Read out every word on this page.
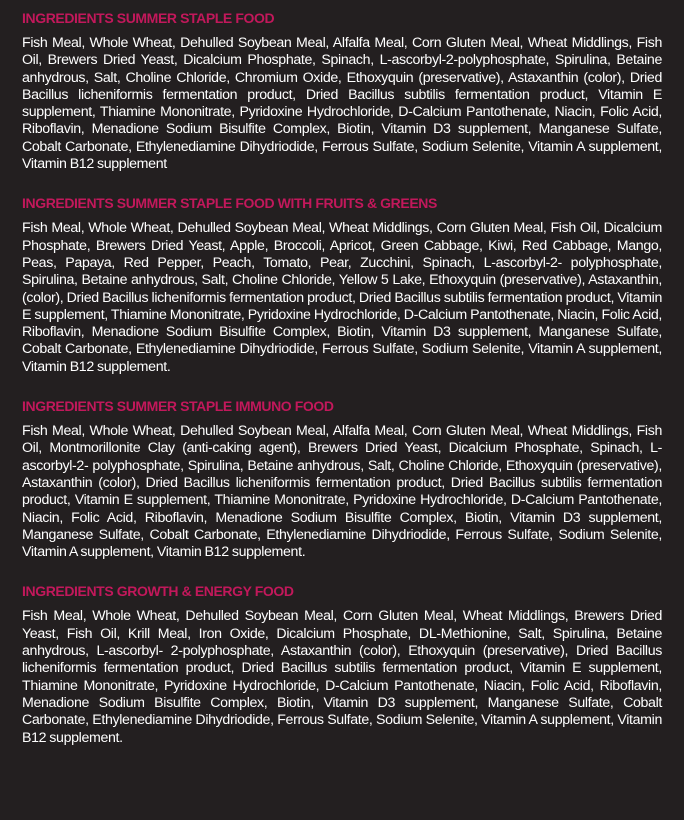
INGREDIENTS SUMMER STAPLE FOOD

Fish Meal, Whole Wheat, Dehulled Soybean Meal, Alfalfa Meal, Corn Gluten Meal, Wheat Middlings, Fish Oil, Brewers Dried Yeast, Dicalcium Phosphate, Spinach, L-ascorbyl-2-polyphosphate, Spirulina, Betaine anhydrous, Salt, Choline Chloride, Chromium Oxide, Ethoxyquin (preservative), Astaxanthin (color), Dried Bacillus licheniformis fermentation product, Dried Bacillus subtilis fermentation product, Vitamin E supplement, Thiamine Mononitrate, Pyridoxine Hydrochloride, D-Calcium Pantothenate, Niacin, Folic Acid, Riboflavin, Menadione Sodium Bisulfite Complex, Biotin, Vitamin D3 supplement, Manganese Sulfate, Cobalt Carbonate, Ethylenediamine Dihydriodide, Ferrous Sulfate, Sodium Selenite, Vitamin A supplement, Vitamin B12 supplement

INGREDIENTS SUMMER STAPLE FOOD WITH FRUITS & GREENS

Fish Meal, Whole Wheat, Dehulled Soybean Meal, Wheat Middlings, Corn Gluten Meal, Fish Oil, Dicalcium Phosphate, Brewers Dried Yeast, Apple, Broccoli, Apricot, Green Cabbage, Kiwi, Red Cabbage, Mango, Peas, Papaya, Red Pepper, Peach, Tomato, Pear, Zucchini, Spinach, L-ascorbyl-2- polyphosphate, Spirulina, Betaine anhydrous, Salt, Choline Chloride, Yellow 5 Lake, Ethoxyquin (preservative), Astaxanthin, (color), Dried Bacillus licheniformis fermentation product, Dried Bacillus subtilis fermentation product, Vitamin E supplement, Thiamine Mononitrate, Pyridoxine Hydrochloride, D-Calcium Pantothenate, Niacin, Folic Acid, Riboflavin, Menadione Sodium Bisulfite Complex, Biotin, Vitamin D3 supplement, Manganese Sulfate, Cobalt Carbonate, Ethylenediamine Dihydriodide, Ferrous Sulfate, Sodium Selenite, Vitamin A supplement, Vitamin B12 supplement.

INGREDIENTS SUMMER STAPLE IMMUNO FOOD

Fish Meal, Whole Wheat, Dehulled Soybean Meal, Alfalfa Meal, Corn Gluten Meal, Wheat Middlings, Fish Oil, Montmorillonite Clay (anti-caking agent), Brewers Dried Yeast, Dicalcium Phosphate, Spinach, L-ascorbyl-2- polyphosphate, Spirulina, Betaine anhydrous, Salt, Choline Chloride, Ethoxyquin (preservative), Astaxanthin (color), Dried Bacillus licheniformis fermentation product, Dried Bacillus subtilis fermentation product, Vitamin E supplement, Thiamine Mononitrate, Pyridoxine Hydrochloride, D-Calcium Pantothenate, Niacin, Folic Acid, Riboflavin, Menadione Sodium Bisulfite Complex, Biotin, Vitamin D3 supplement, Manganese Sulfate, Cobalt Carbonate, Ethylenediamine Dihydriodide, Ferrous Sulfate, Sodium Selenite, Vitamin A supplement, Vitamin B12 supplement.

INGREDIENTS GROWTH & ENERGY FOOD

Fish Meal, Whole Wheat, Dehulled Soybean Meal, Corn Gluten Meal, Wheat Middlings, Brewers Dried Yeast, Fish Oil, Krill Meal, Iron Oxide, Dicalcium Phosphate, DL-Methionine, Salt, Spirulina, Betaine anhydrous, L-ascorbyl- 2-polyphosphate, Astaxanthin (color), Ethoxyquin (preservative), Dried Bacillus licheniformis fermentation product, Dried Bacillus subtilis fermentation product, Vitamin E supplement, Thiamine Mononitrate, Pyridoxine Hydrochloride, D-Calcium Pantothenate, Niacin, Folic Acid, Riboflavin, Menadione Sodium Bisulfite Complex, Biotin, Vitamin D3 supplement, Manganese Sulfate, Cobalt Carbonate, Ethylenediamine Dihydriodide, Ferrous Sulfate, Sodium Selenite, Vitamin A supplement, Vitamin B12 supplement.
